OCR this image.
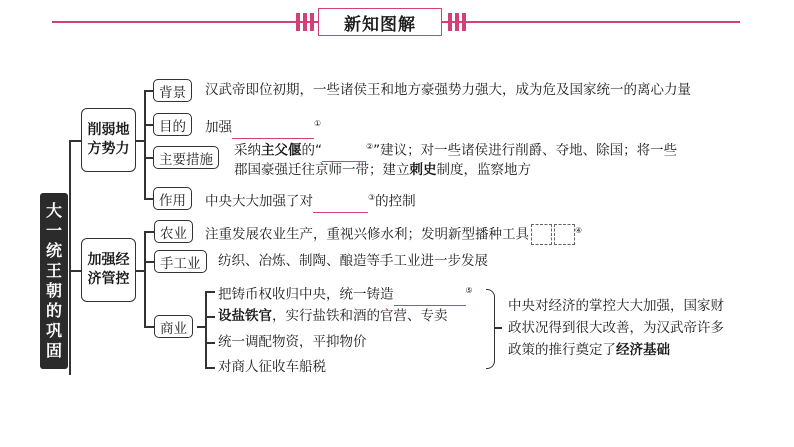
新知图解
大一统王朝的巩固
削弱地方势力
背景 汉武帝即位初期，一些诸侯王和地方豪强势力强大，成为危及国家统一的离心力量
目的 加强	①
主要措施
采纳主父偃的“	②”建议；对一些诸侯进行削爵、夺地、除国；将一些
郡国豪强迁往京师一带；建立刺史制度，监察地方
作用 中央大大加强了对	③的控制
加强经济管控
农业 注重发展农业生产，重视兴修水利；发明新型播种工具	④
手工业 纺织、冶炼、制陶、酿造等手工业进一步发展
商业
把铸币权收归中央，统一铸造	⑤
设盐铁官，实行盐铁和酒的官营、专卖
统一调配物资，平抑物价
对商人征收车船税
中央对经济的掌控大大加强，国家财
政状况得到很大改善，为汉武帝许多
政策的推行奠定了经济基础
